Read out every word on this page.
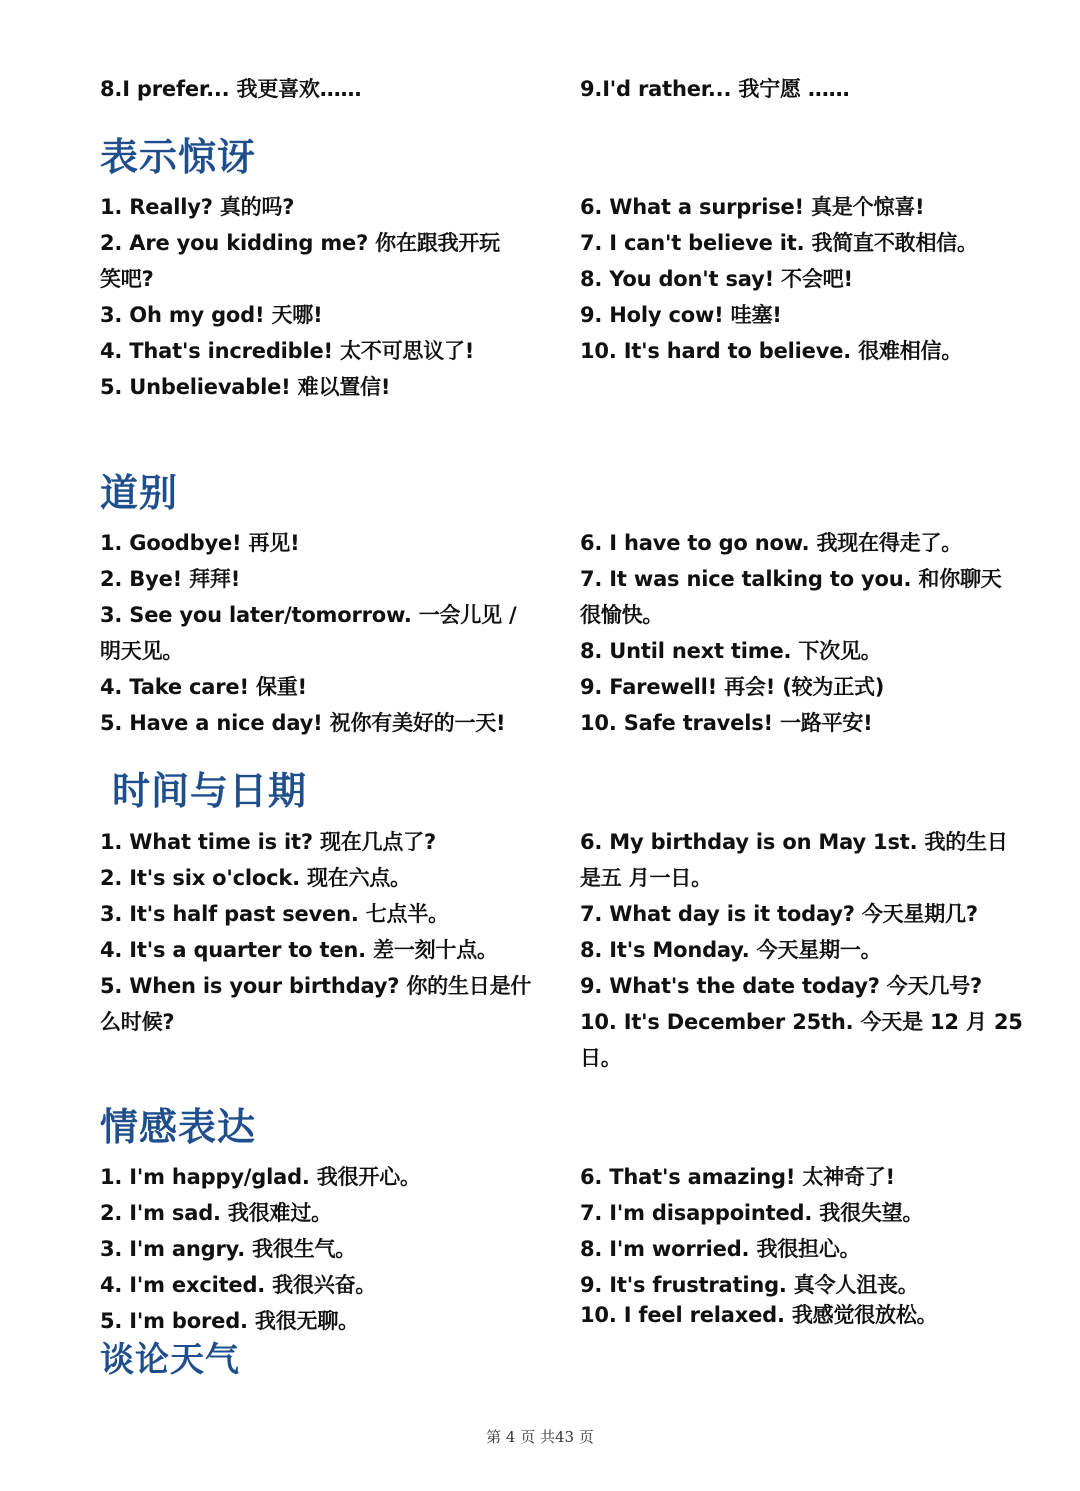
8.I prefer... 我更喜欢……	9.I'd rather... 我宁愿 ……
表示惊讶
1. Really? 真的吗?
2. Are you kidding me? 你在跟我开玩
笑吧?
3. Oh my god! 天哪!
4. That's incredible! 太不可思议了!
5. Unbelievable! 难以置信!
6. What a surprise! 真是个惊喜!
7. I can't believe it. 我简直不敢相信。
8. You don't say! 不会吧!
9. Holy cow! 哇塞!
10. It's hard to believe. 很难相信。
道别
1. Goodbye! 再见!
2. Bye! 拜拜!
3. See you later/tomorrow. 一会儿见 /
明天见。
4. Take care! 保重!
5. Have a nice day! 祝你有美好的一天!
6. I have to go now. 我现在得走了。
7. It was nice talking to you. 和你聊天
很愉快。
8. Until next time. 下次见。
9. Farewell! 再会! (较为正式)
10. Safe travels! 一路平安!
时间与日期
1. What time is it? 现在几点了?
2. It's six o'clock. 现在六点。
3. It's half past seven. 七点半。
4. It's a quarter to ten. 差一刻十点。
5. When is your birthday? 你的生日是什
么时候?
6. My birthday is on May 1st. 我的生日
是五 月一日。
7. What day is it today? 今天星期几?
8. It's Monday. 今天星期一。
9. What's the date today? 今天几号?
10. It's December 25th. 今天是 12 月 25
日。
情感表达
1. I'm happy/glad. 我很开心。
2. I'm sad. 我很难过。
3. I'm angry. 我很生气。
4. I'm excited. 我很兴奋。
5. I'm bored. 我很无聊。
6. That's amazing! 太神奇了!
7. I'm disappointed. 我很失望。
8. I'm worried. 我很担心。
9. It's frustrating. 真令人沮丧。
10. I feel relaxed. 我感觉很放松。
谈论天气
第 4 页 共43 页
